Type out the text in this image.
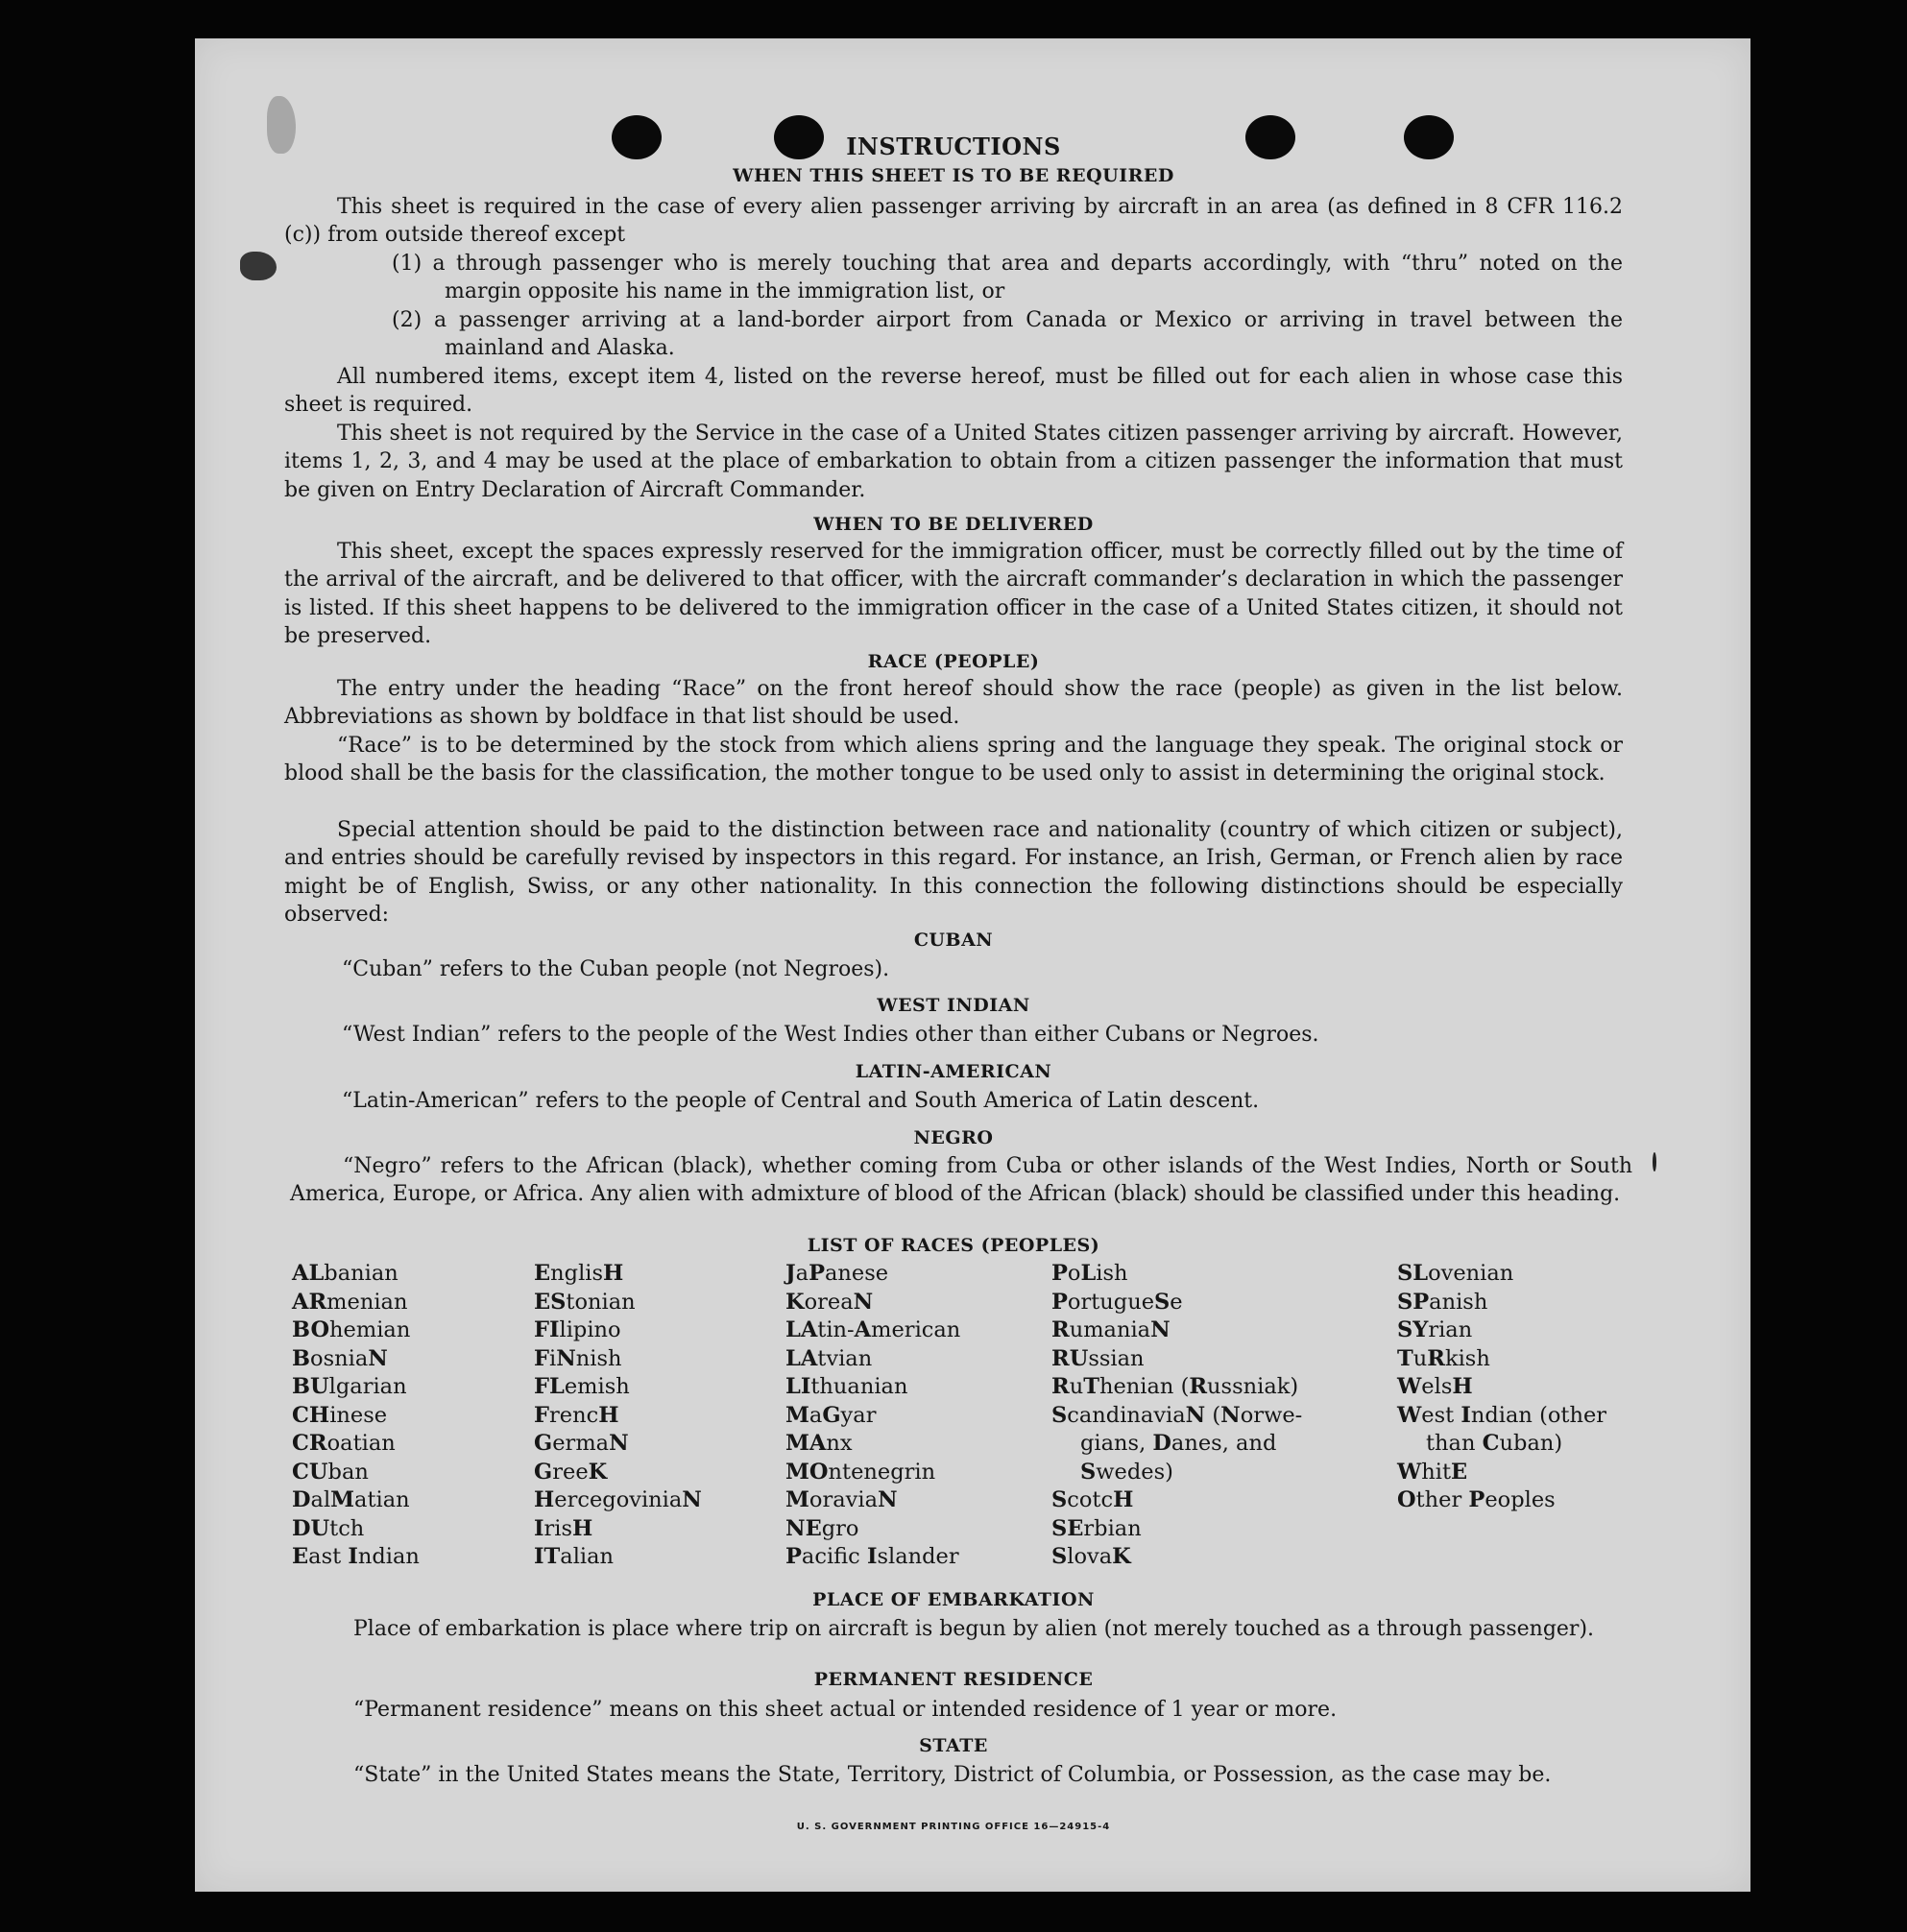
INSTRUCTIONS
WHEN THIS SHEET IS TO BE REQUIRED
This sheet is required in the case of every alien passenger arriving by aircraft in an area (as defined in 8 CFR 116.2 (c)) from outside thereof except
(1) a through passenger who is merely touching that area and departs accordingly, with “thru” noted on the margin opposite his name in the immigration list, or
(2) a passenger arriving at a land-border airport from Canada or Mexico or arriving in travel between the mainland and Alaska.
All numbered items, except item 4, listed on the reverse hereof, must be filled out for each alien in whose case this sheet is required.
This sheet is not required by the Service in the case of a United States citizen passenger arriving by aircraft. However, items 1, 2, 3, and 4 may be used at the place of embarkation to obtain from a citizen passenger the information that must be given on Entry Declaration of Aircraft Commander.
WHEN TO BE DELIVERED
This sheet, except the spaces expressly reserved for the immigration officer, must be correctly filled out by the time of the arrival of the aircraft, and be delivered to that officer, with the aircraft commander’s declaration in which the passenger is listed. If this sheet happens to be delivered to the immigration officer in the case of a United States citizen, it should not be preserved.
RACE (PEOPLE)
The entry under the heading “Race” on the front hereof should show the race (people) as given in the list below. Abbreviations as shown by boldface in that list should be used.
“Race” is to be determined by the stock from which aliens spring and the language they speak. The original stock or blood shall be the basis for the classification, the mother tongue to be used only to assist in determining the original stock.
Special attention should be paid to the distinction between race and nationality (country of which citizen or subject), and entries should be carefully revised by inspectors in this regard. For instance, an Irish, German, or French alien by race might be of English, Swiss, or any other nationality. In this connection the following distinctions should be especially observed:
CUBAN
“Cuban” refers to the Cuban people (not Negroes).
WEST INDIAN
“West Indian” refers to the people of the West Indies other than either Cubans or Negroes.
LATIN-AMERICAN
“Latin-American” refers to the people of Central and South America of Latin descent.
NEGRO
“Negro” refers to the African (black), whether coming from Cuba or other islands of the West Indies, North or South America, Europe, or Africa. Any alien with admixture of blood of the African (black) should be classified under this heading.
LIST OF RACES (PEOPLES)
ALbanian
ARmenian
BOhemian
BosniaN
BUlgarian
CHinese
CRoatian
CUban
DalMatian
DUtch
East Indian
EnglisH
EStonian
FIlipino
FiNnish
FLemish
FrencH
GermaN
GreeK
HercegoviniaN
IrisH
ITalian
JaPanese
KoreaN
LAtin-American
LAtvian
LIthuanian
MaGyar
MAnx
MOntenegrin
MoraviaN
NEgro
Pacifc Islander
PoLish
PortugueSe
RumaniaN
RUssian
RuThenian (Russniak)
ScandinaviaN (Norwe-
gians, Danes, and
Swedes)
ScotcH
SErbian
SlovaK
SLovenian
SPanish
SYrian
TuRkish
WelsH
West Indian (other
than Cuban)
WhitE
Other Peoples
PLACE OF EMBARKATION
Place of embarkation is place where trip on aircraft is begun by alien (not merely touched as a through passenger).
PERMANENT RESIDENCE
“Permanent residence” means on this sheet actual or intended residence of 1 year or more.
STATE
“State” in the United States means the State, Territory, District of Columbia, or Possession, as the case may be.
U. S. GOVERNMENT PRINTING OFFICE 16—24915-4
